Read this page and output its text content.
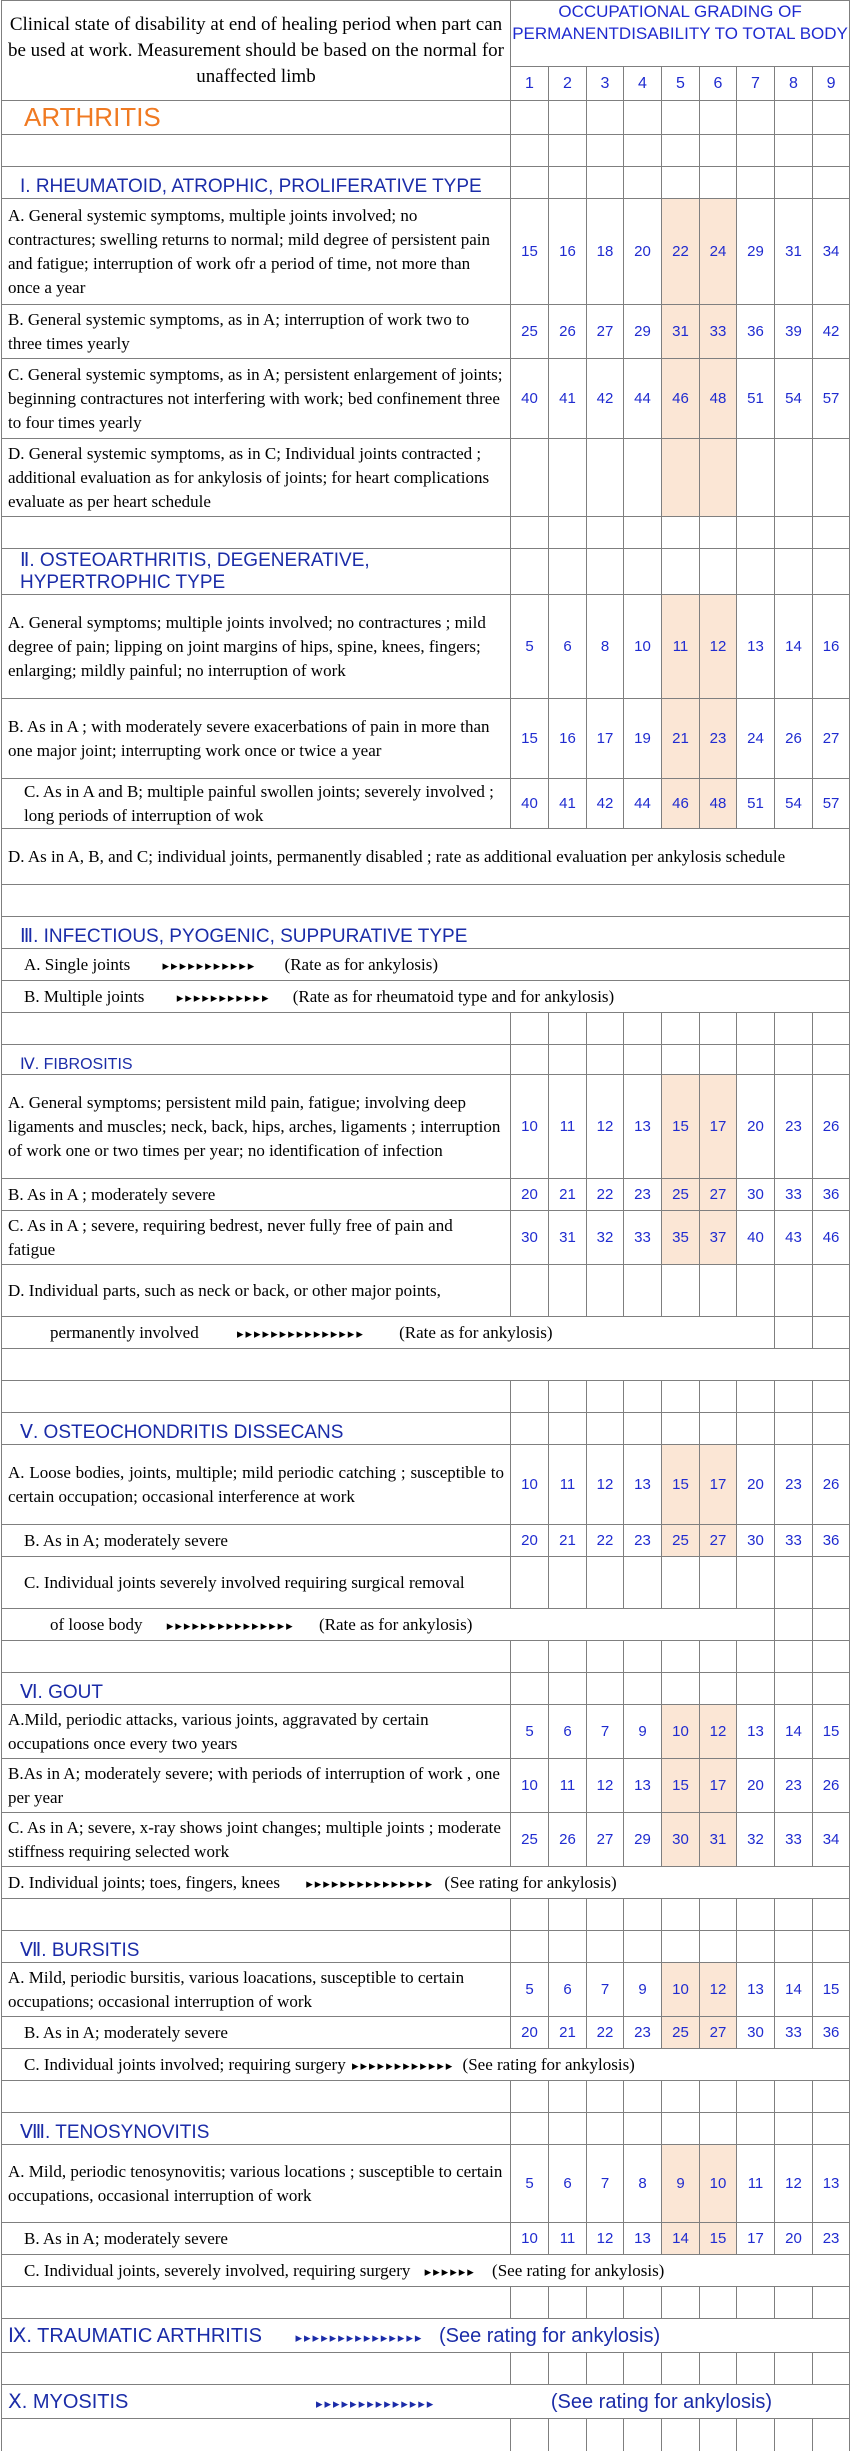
Clinical state of disability at end of healing period when part can be used at work. Measurement should be based on the normal for unaffected limb	OCCUPATIONAL GRADING OF PERMANENTDISABILITY TO TOTAL BODY								
	1	2	3	4	5	6	7	8	9
ARTHRITIS									

I. RHEUMATOID, ATROPHIC, PROLIFERATIVE TYPE									
A. General systemic symptoms, multiple joints involved; no contractures; swelling returns to normal; mild degree of persistent pain and fatigue; interruption of work ofr a period of time, not more than once a year	15	16	18	20	22	24	29	31	34
B. General systemic symptoms, as in A; interruption of work two to three times yearly	25	26	27	29	31	33	36	39	42
C. General systemic symptoms, as in A; persistent enlargement of joints; beginning contractures not interfering with work; bed confinement three to four times yearly	40	41	42	44	46	48	51	54	57
D. General systemic symptoms, as in C; Individual joints contracted ; additional evaluation as for ankylosis of joints; for heart complications evaluate as per heart schedule									

Ⅱ. OSTEOARTHRITIS, DEGENERATIVE, HYPERTROPHIC TYPE									
A. General symptoms; multiple joints involved; no contractures ; mild degree of pain; lipping on joint margins of hips, spine, knees, fingers; enlarging; mildly painful; no interruption of work	5	6	8	10	11	12	13	14	16
B. As in A ; with moderately severe exacerbations of pain in more than one major joint; interrupting work once or twice a year	15	16	17	19	21	23	24	26	27
C. As in A and B; multiple painful swollen joints; severely involved ; long periods of interruption of wok	40	41	42	44	46	48	51	54	57
D. As in A, B, and C; individual joints, permanently disabled ; rate as additional evaluation per ankylosis schedule									

Ⅲ. INFECTIOUS, PYOGENIC, SUPPURATIVE TYPE									
A. Single joints ▸▸▸▸▸▸▸▸▸▸▸ (Rate as for ankylosis)									
B. Multiple joints ▸▸▸▸▸▸▸▸▸▸▸ (Rate as for rheumatoid type and for ankylosis)									

Ⅳ. FIBROSITIS									
A. General symptoms; persistent mild pain, fatigue; involving deep ligaments and muscles; neck, back, hips, arches, ligaments ; interruption of work one or two times per year; no identification of infection	10	11	12	13	15	17	20	23	26
B. As in A ; moderately severe	20	21	22	23	25	27	30	33	36
C. As in A ; severe, requiring bedrest, never fully free of pain and fatigue	30	31	32	33	35	37	40	43	46
D. Individual parts, such as neck or back, or other major points,									
permanently involved ▸▸▸▸▸▸▸▸▸▸▸▸▸▸▸ (Rate as for ankylosis)									

Ⅴ. OSTEOCHONDRITIS DISSECANS									
A. Loose bodies, joints, multiple; mild periodic catching ; susceptible to certain occupation; occasional interference at work	10	11	12	13	15	17	20	23	26
B. As in A; moderately severe	20	21	22	23	25	27	30	33	36
C. Individual joints severely involved requiring surgical removal									
of loose body ▸▸▸▸▸▸▸▸▸▸▸▸▸▸▸ (Rate as for ankylosis)									

Ⅵ. GOUT									
A.Mild, periodic attacks, various joints, aggravated by certain occupations once every two years	5	6	7	9	10	12	13	14	15
B.As in A; moderately severe; with periods of interruption of work , one per year	10	11	12	13	15	17	20	23	26
C. As in A; severe, x-ray shows joint changes; multiple joints ; moderate stiffness requiring selected work	25	26	27	29	30	31	32	33	34
D. Individual joints; toes, fingers, knees ▸▸▸▸▸▸▸▸▸▸▸▸▸▸▸ (See rating for ankylosis)									

Ⅶ. BURSITIS									
A. Mild, periodic bursitis, various loacations, susceptible to certain occupations; occasional interruption of work	5	6	7	9	10	12	13	14	15
B. As in A; moderately severe	20	21	22	23	25	27	30	33	36
C. Individual joints involved; requiring surgery ▸▸▸▸▸▸▸▸▸▸▸▸ (See rating for ankylosis)									

Ⅷ. TENOSYNOVITIS									
A. Mild, periodic tenosynovitis; various locations ; susceptible to certain occupations, occasional interruption of work	5	6	7	8	9	10	11	12	13
B. As in A; moderately severe	10	11	12	13	14	15	17	20	23
C. Individual joints, severely involved, requiring surgery ▸▸▸▸▸▸ (See rating for ankylosis)									

Ⅸ. TRAUMATIC ARTHRITIS ▸▸▸▸▸▸▸▸▸▸▸▸▸▸▸ (See rating for ankylosis)									

Ⅹ. MYOSITIS ▸▸▸▸▸▸▸▸▸▸▸▸▸▸ (See rating for ankylosis)									
